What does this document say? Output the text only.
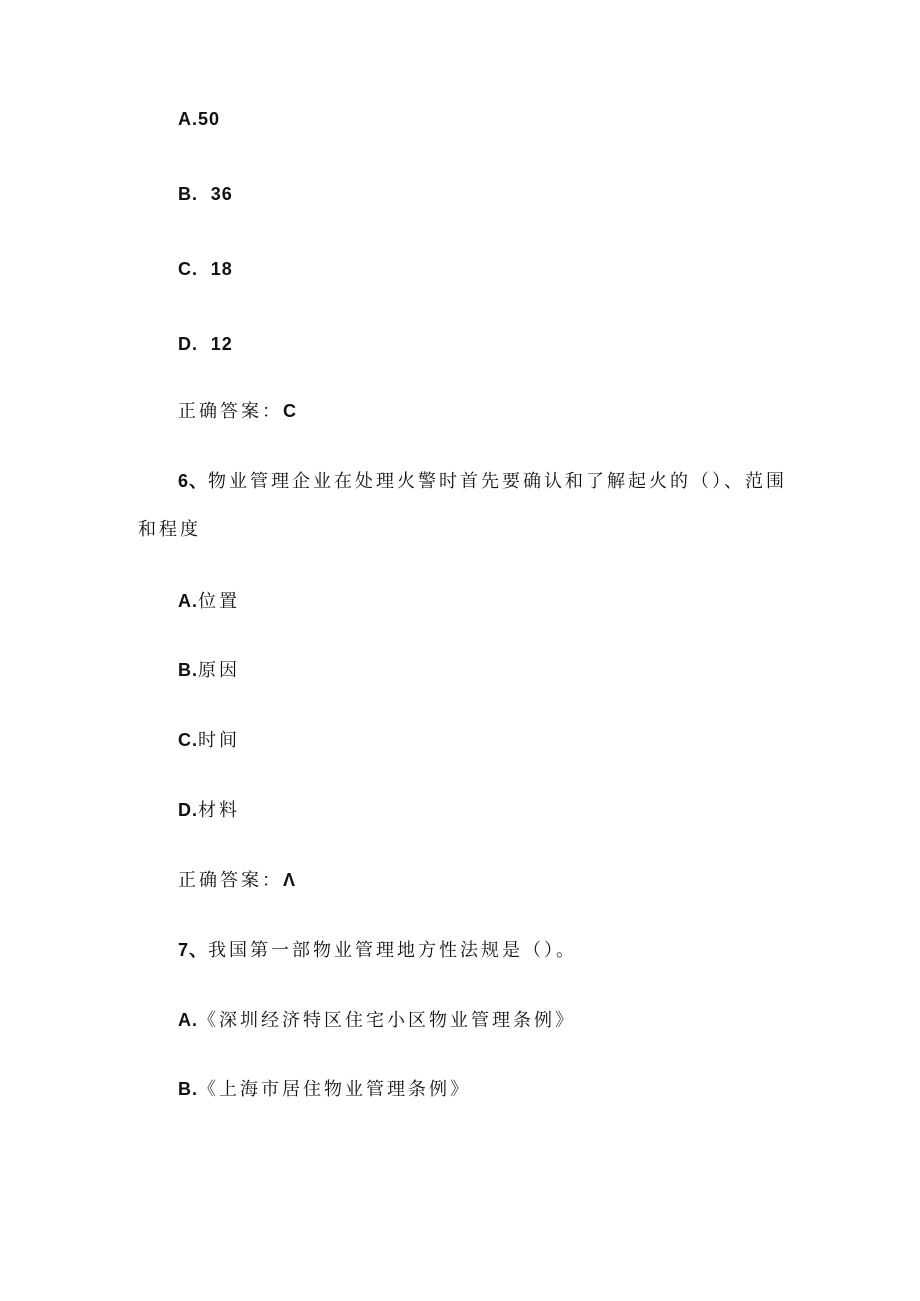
A.50
B. 36
C. 18
D. 12
正确答案：C
6、物业管理企业在处理火警时首先要确认和了解起火的（）、范围
和程度
A.位置
B.原因
C.时间
D.材料
正确答案：Λ
7、我国第一部物业管理地方性法规是（）。
A.《深圳经济特区住宅小区物业管理条例》
B.《上海市居住物业管理条例》
